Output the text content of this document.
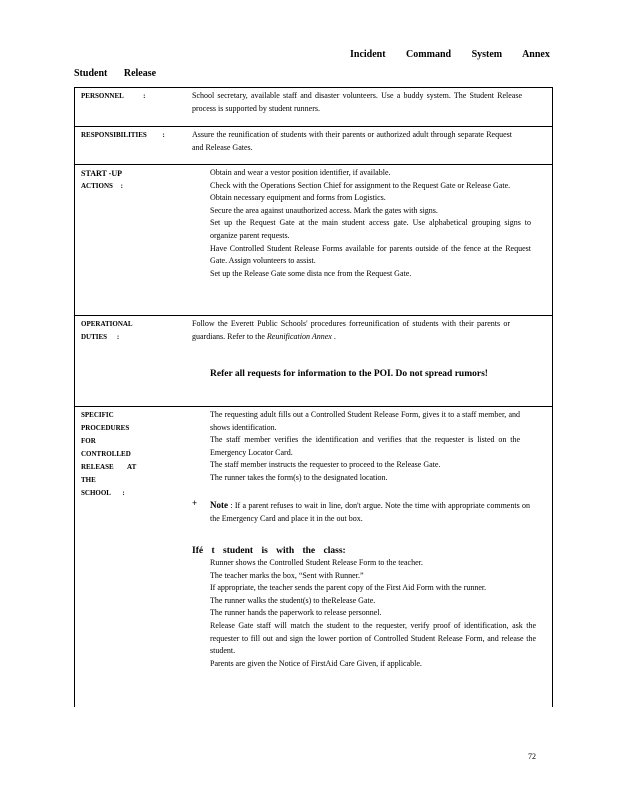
Incident Command System Annex
Student Release
PERSONNEL :	School secretary, available staff and disaster volunteers. Use a buddy system. The Student Release process is supported by student runners.
RESPONSIBILITIES :	Assure the reunification of students with their parents or authorized adult through separate Request and Release Gates.
START -UP
ACTIONS :

Obtain and wear a vestor position identifier, if available.

Check with the Operations Section Chief for assignment to the Request Gate or Release Gate.

Obtain necessary equipment and forms from Logistics.

Secure the area against unauthorized access. Mark the gates with signs.

Set up the Request Gate at the main student access gate. Use alphabetical grouping signs to organize parent requests.

Have Controlled Student Release Forms available for parents outside of the fence at the Request Gate. Assign volunteers to assist.

Set up the Release Gate some dista nce from the Request Gate.

OPERATIONAL
DUTIES :
Follow the Everett Public Schools' procedures forreunification of students with their parents or guardians. Refer to the Reunification Annex .
Refer all requests for information to the POI. Do not spread rumors!
SPECIFIC
PROCEDURES FOR
CONTROLLED
RELEASE AT THE
SCHOOL :

The requesting adult fills out a Controlled Student Release Form, gives it to a staff member, and shows identification.

The staff member verifies the identification and verifies that the requester is listed on the Emergency Locator Card.

The staff member instructs the requester to proceed to the Release Gate.

The runner takes the form(s) to the designated location.

+ Note : If a parent refuses to wait in line, don't argue. Note the time with appropriate comments on the Emergency Card and place it in the out box.
Ifé t student is with the class:

Runner shows the Controlled Student Release Form to the teacher.

The teacher marks the box, “Sent with Runner.”

If appropriate, the teacher sends the parent copy of the First Aid Form with the runner.

The runner walks the student(s) to theRelease Gate.

The runner hands the paperwork to release personnel.

Release Gate staff will match the student to the requester, verify proof of identification, ask the requester to fill out and sign the lower portion of Controlled Student Release Form, and release the student.

Parents are given the Notice of FirstAid Care Given, if applicable.

72
